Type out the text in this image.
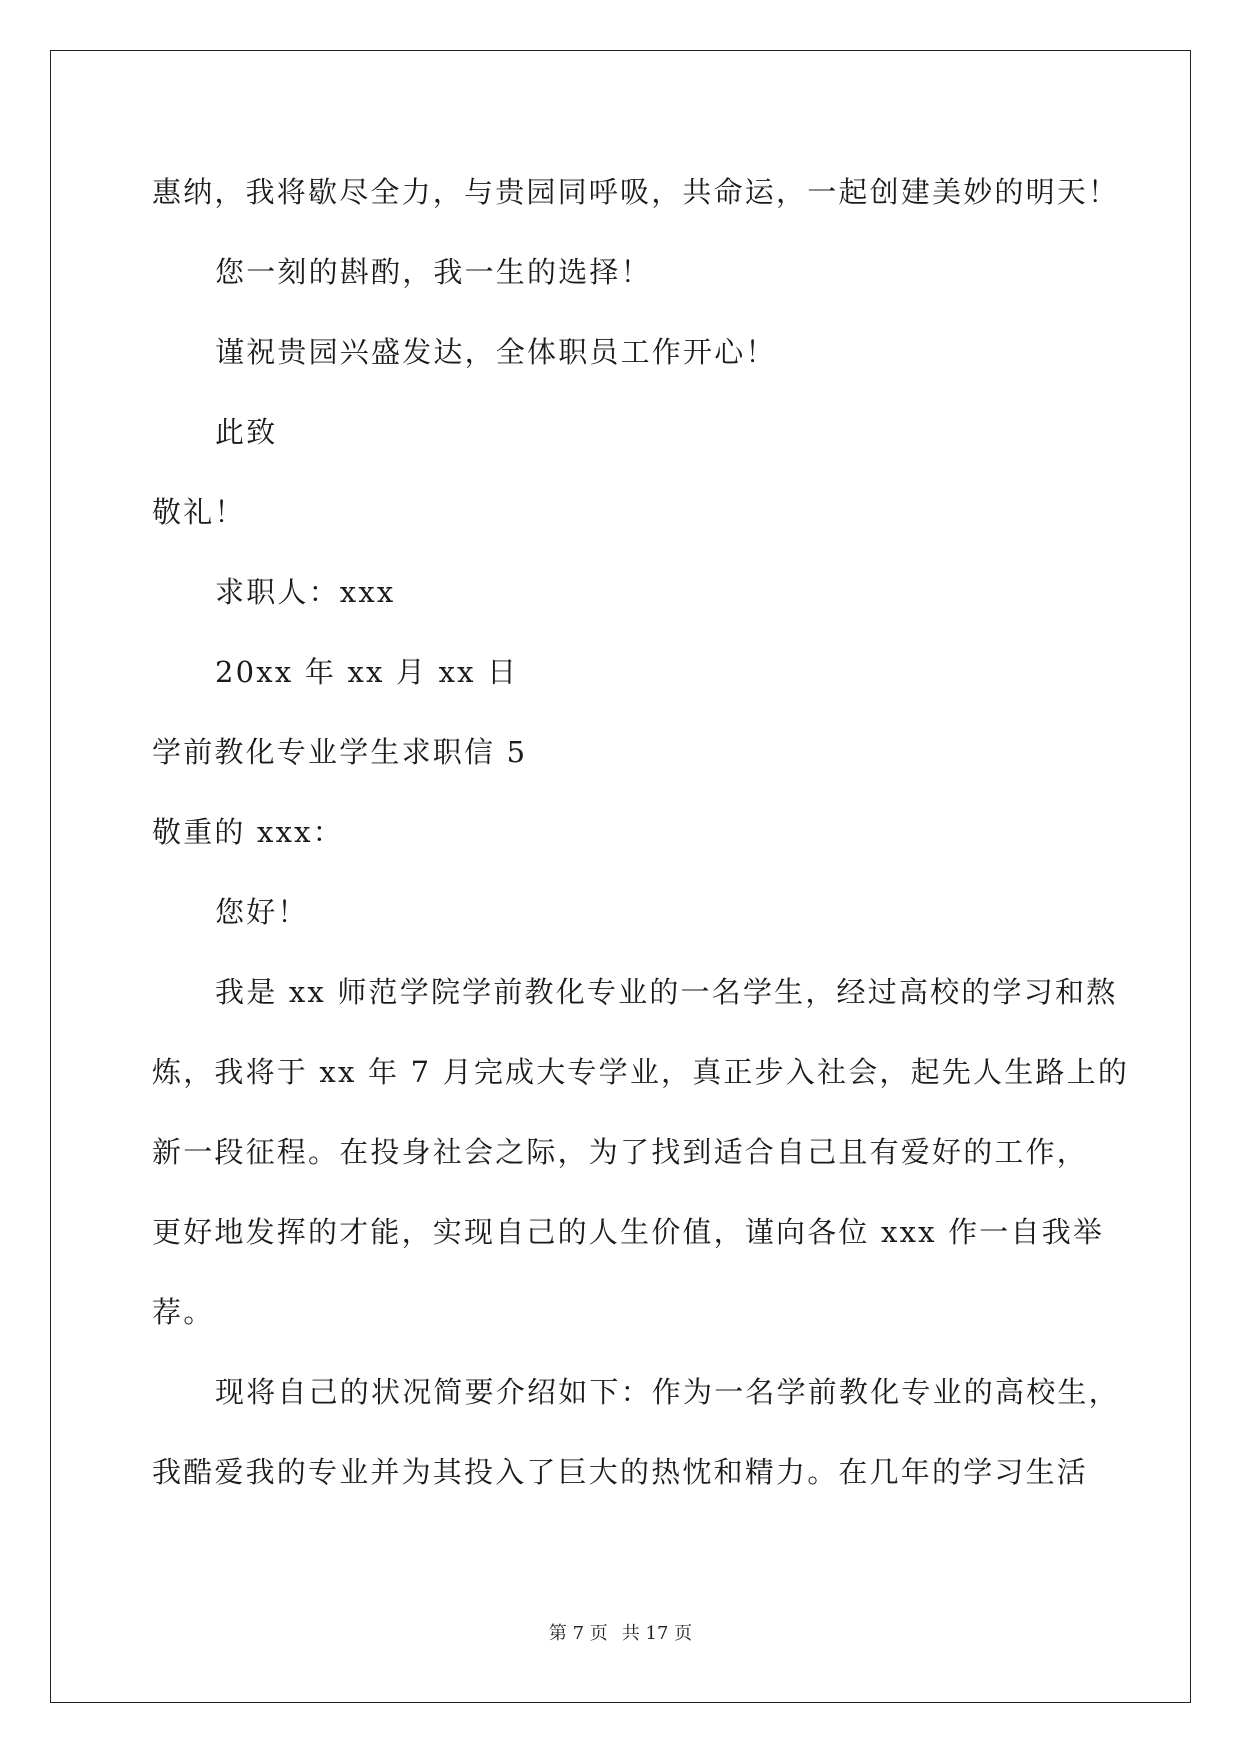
惠纳，我将歇尽全力，与贵园同呼吸，共命运，一起创建美妙的明天！
您一刻的斟酌，我一生的选择！
谨祝贵园兴盛发达，全体职员工作开心！
此致
敬礼！
求职人：xxx
20xx 年 xx 月 xx 日
学前教化专业学生求职信 5
敬重的 xxx：
您好！
我是 xx 师范学院学前教化专业的一名学生，经过高校的学习和熬
炼，我将于 xx 年 7 月完成大专学业，真正步入社会，起先人生路上的
新一段征程。在投身社会之际，为了找到适合自己且有爱好的工作，
更好地发挥的才能，实现自己的人生价值，谨向各位 xxx 作一自我举
荐。
现将自己的状况简要介绍如下：作为一名学前教化专业的高校生，
我酷爱我的专业并为其投入了巨大的热忱和精力。在几年的学习生活
第 7 页 共 17 页
